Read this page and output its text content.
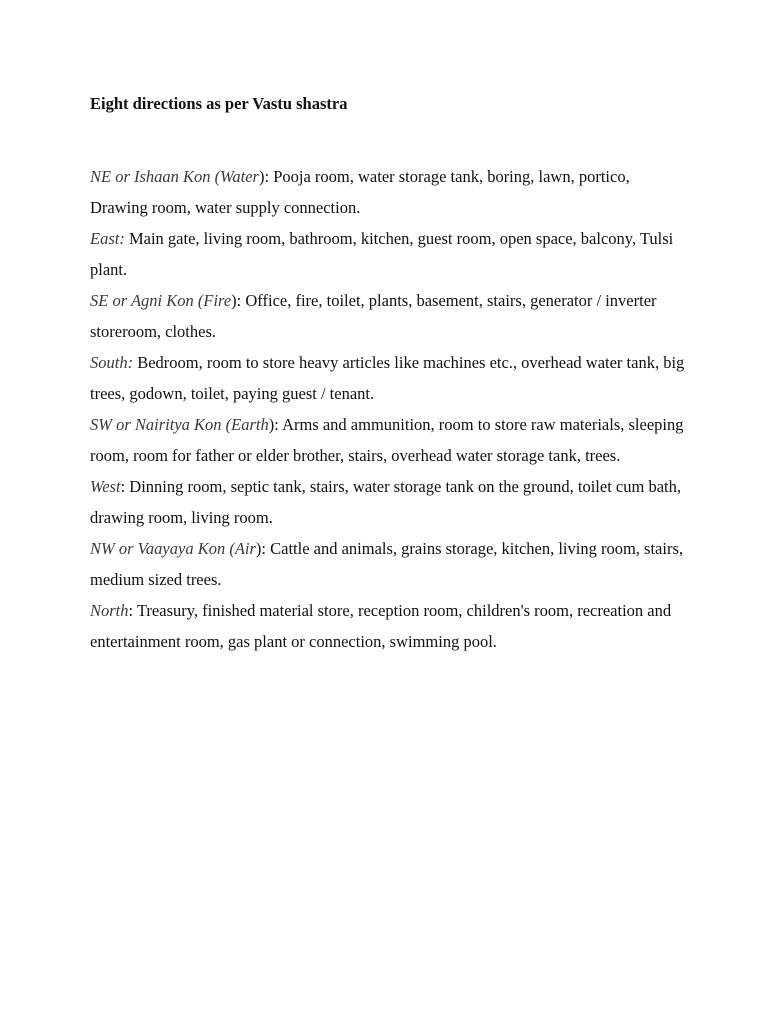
Eight directions as per Vastu shastra

NE or Ishaan Kon (Water): Pooja room, water storage tank, boring, lawn, portico, Drawing room, water supply connection.

East: Main gate, living room, bathroom, kitchen, guest room, open space, balcony, Tulsi plant.

SE or Agni Kon (Fire): Office, fire, toilet, plants, basement, stairs, generator / inverter storeroom, clothes.

South: Bedroom, room to store heavy articles like machines etc., overhead water tank, big trees, godown, toilet, paying guest / tenant.

SW or Nairitya Kon (Earth): Arms and ammunition, room to store raw materials, sleeping room, room for father or elder brother, stairs, overhead water storage tank, trees.

West: Dinning room, septic tank, stairs, water storage tank on the ground, toilet cum bath, drawing room, living room.

NW or Vaayaya Kon (Air): Cattle and animals, grains storage, kitchen, living room, stairs, medium sized trees.

North: Treasury, finished material store, reception room, children's room, recreation and entertainment room, gas plant or connection, swimming pool.
